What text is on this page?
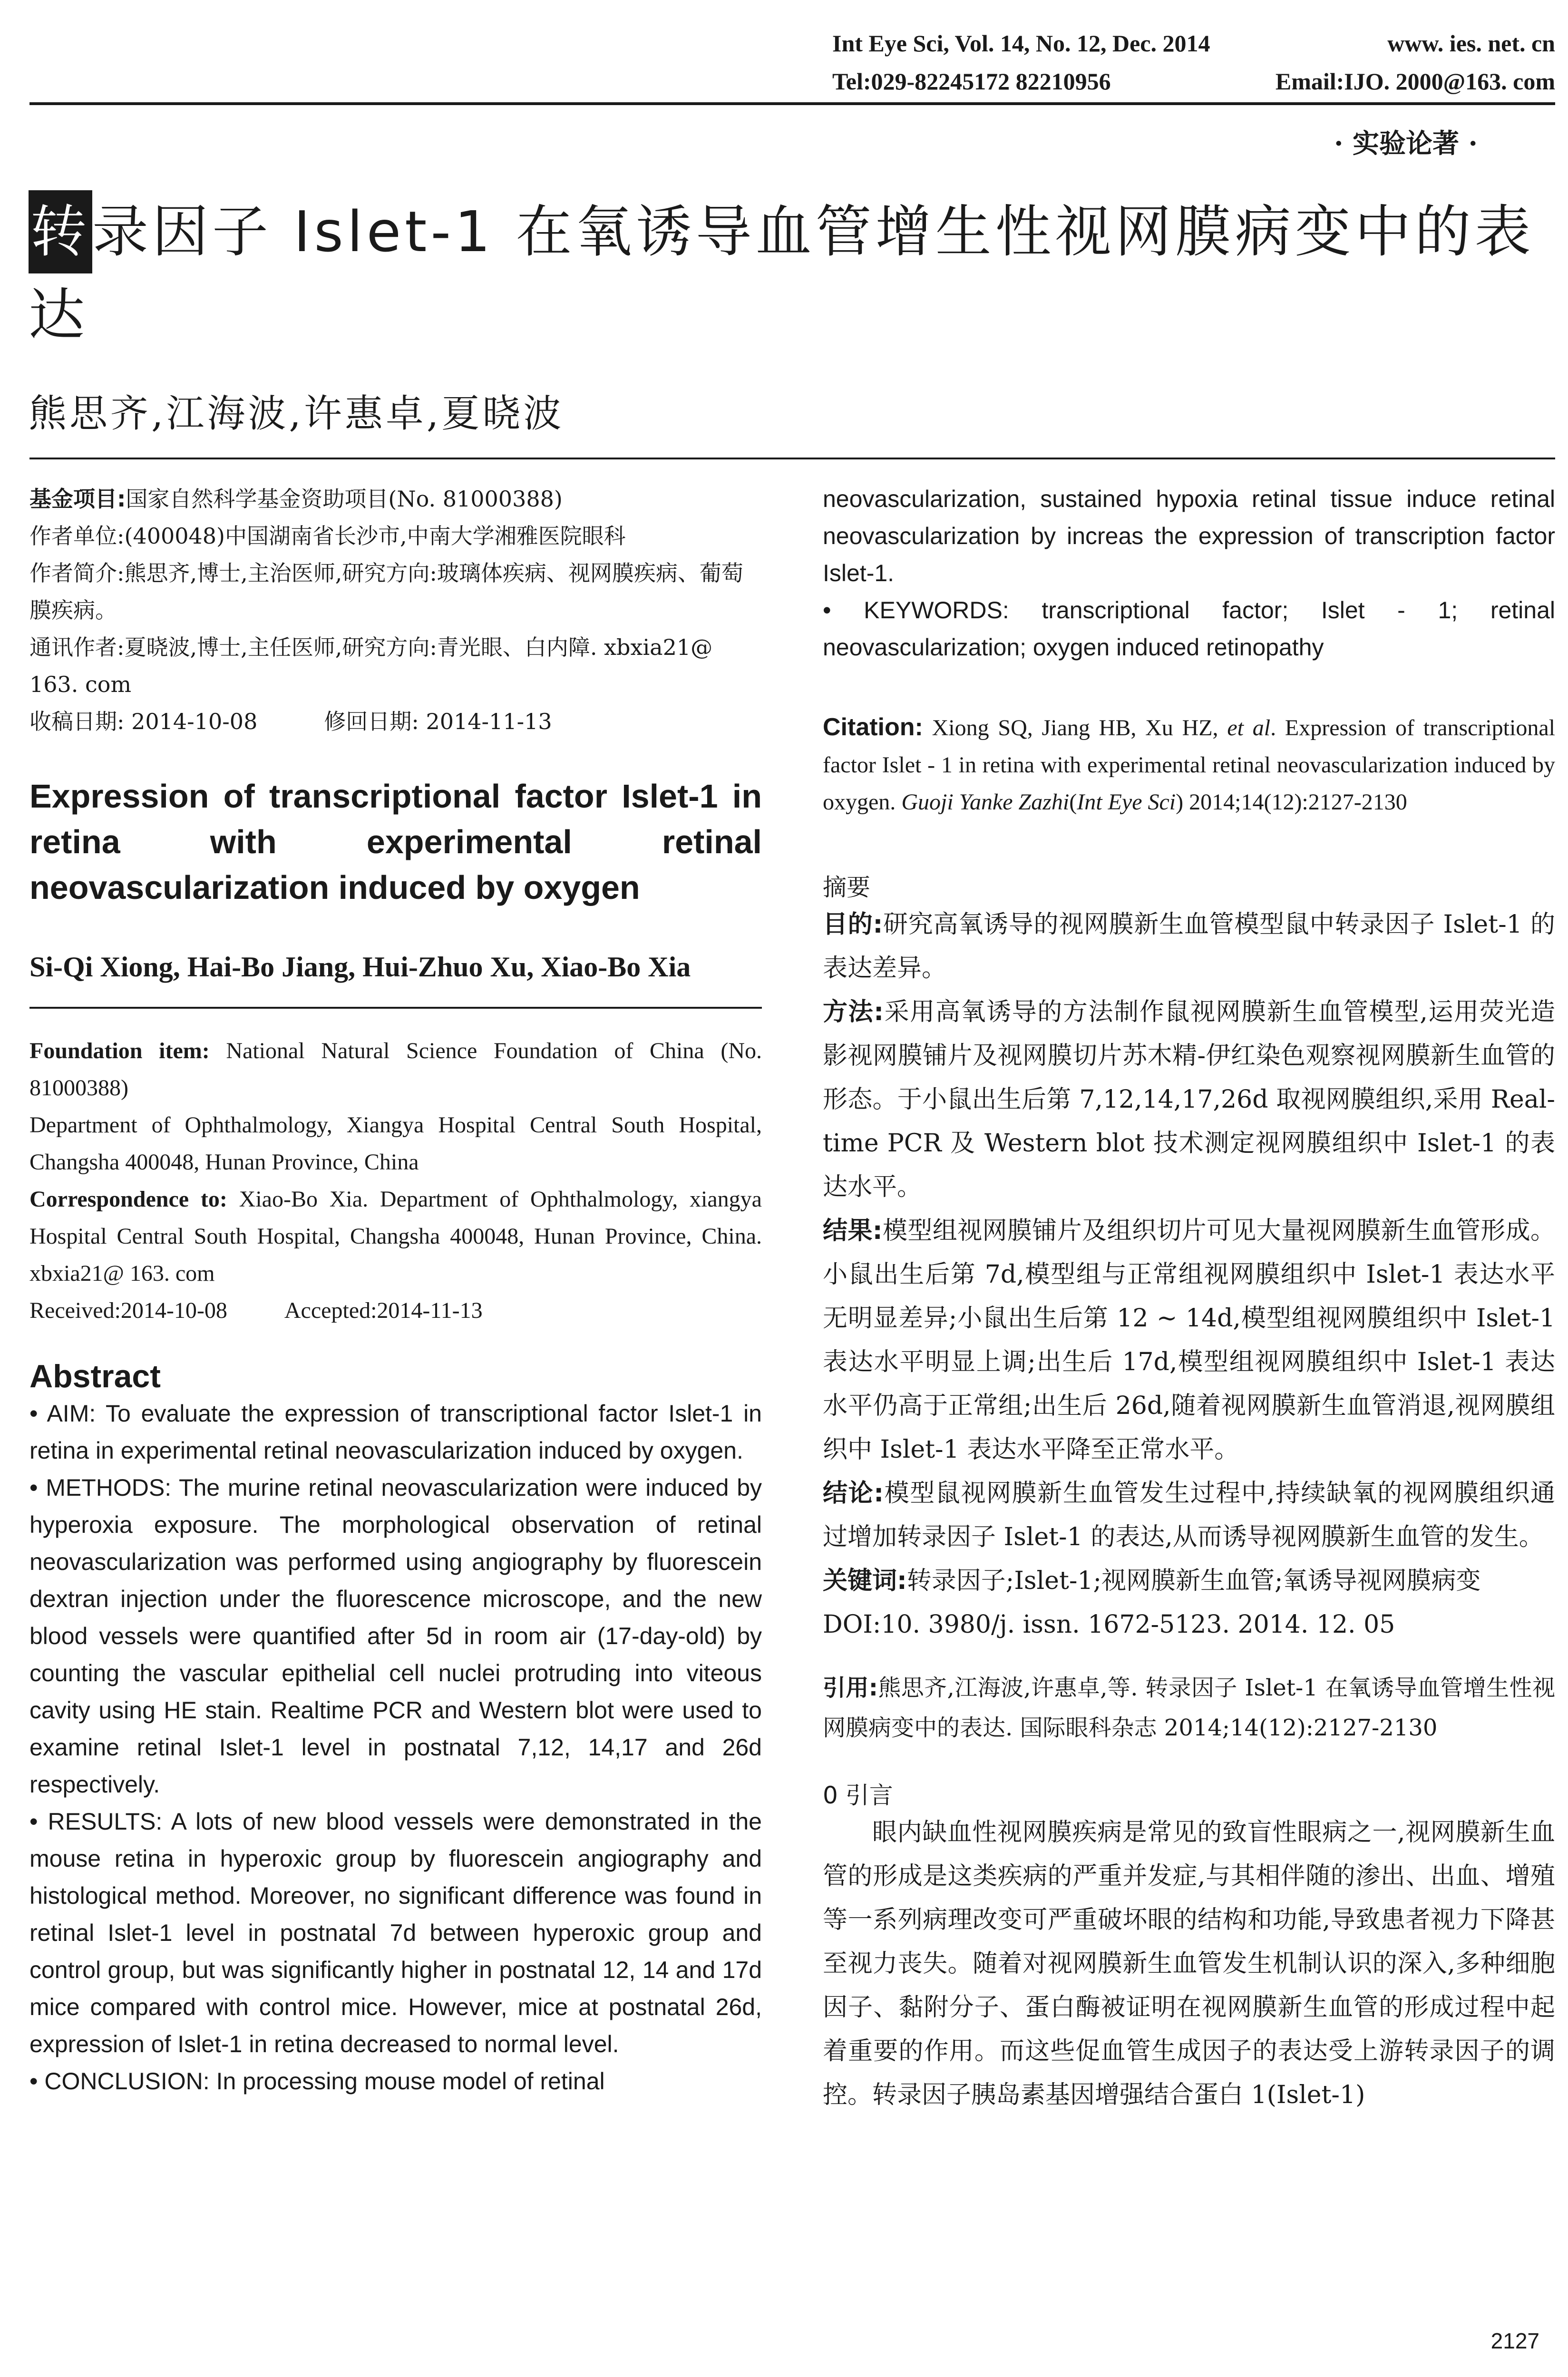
Int Eye Sci, Vol. 14, No. 12, Dec. 2014	www. ies. net. cn
Tel:029-82245172 82210956	Email:IJO. 2000@163. com
· 实验论著 ·
转录因子 Islet-1 在氧诱导血管增生性视网膜病变中的表达
熊思齐,江海波,许惠卓,夏晓波

基金项目:国家自然科学基金资助项目(No. 81000388)

作者单位:(400048)中国湖南省长沙市,中南大学湘雅医院眼科

作者简介:熊思齐,博士,主治医师,研究方向:玻璃体疾病、视网膜疾病、葡萄膜疾病。

通讯作者:夏晓波,博士,主任医师,研究方向:青光眼、白内障. xbxia21@ 163. com

收稿日期: 2014-10-08	修回日期: 2014-11-13

Expression of transcriptional factor Islet-1 in retina with experimental retinal neovascularization induced by oxygen

Si-Qi Xiong, Hai-Bo Jiang, Hui-Zhuo Xu, Xiao-Bo Xia

Foundation item: National Natural Science Foundation of China (No. 81000388)

Department of Ophthalmology, Xiangya Hospital Central South Hospital, Changsha 400048, Hunan Province, China

Correspondence to: Xiao-Bo Xia. Department of Ophthalmology, xiangya Hospital Central South Hospital, Changsha 400048, Hunan Province, China. xbxia21@ 163. com

Received:2014-10-08	Accepted:2014-11-13

Abstract

• AIM: To evaluate the expression of transcriptional factor Islet-1 in retina in experimental retinal neovascularization induced by oxygen.

• METHODS: The murine retinal neovascularization were induced by hyperoxia exposure. The morphological observation of retinal neovascularization was performed using angiography by fluorescein dextran injection under the fluorescence microscope, and the new blood vessels were quantified after 5d in room air (17-day-old) by counting the vascular epithelial cell nuclei protruding into viteous cavity using HE stain. Realtime PCR and Western blot were used to examine retinal Islet-1 level in postnatal 7,12, 14,17 and 26d respectively.

• RESULTS: A lots of new blood vessels were demonstrated in the mouse retina in hyperoxic group by fluorescein angiography and histological method. Moreover, no significant difference was found in retinal Islet-1 level in postnatal 7d between hyperoxic group and control group, but was significantly higher in postnatal 12, 14 and 17d mice compared with control mice. However, mice at postnatal 26d, expression of Islet-1 in retina decreased to normal level.

• CONCLUSION: In processing mouse model of retinal

neovascularization, sustained hypoxia retinal tissue induce retinal neovascularization by increas the expression of transcription factor Islet-1.

• KEYWORDS: transcriptional factor; Islet - 1; retinal neovascularization; oxygen induced retinopathy

Citation: Xiong SQ, Jiang HB, Xu HZ, et al. Expression of transcriptional factor Islet - 1 in retina with experimental retinal neovascularization induced by oxygen. Guoji Yanke Zazhi(Int Eye Sci) 2014;14(12):2127-2130

摘要

目的:研究高氧诱导的视网膜新生血管模型鼠中转录因子 Islet-1 的表达差异。

方法:采用高氧诱导的方法制作鼠视网膜新生血管模型,运用荧光造影视网膜铺片及视网膜切片苏木精-伊红染色观察视网膜新生血管的形态。于小鼠出生后第 7,12,14,17,26d 取视网膜组织,采用 Real-time PCR 及 Western blot 技术测定视网膜组织中 Islet-1 的表达水平。

结果:模型组视网膜铺片及组织切片可见大量视网膜新生血管形成。小鼠出生后第 7d,模型组与正常组视网膜组织中 Islet-1 表达水平无明显差异;小鼠出生后第 12 ~ 14d,模型组视网膜组织中 Islet-1 表达水平明显上调;出生后 17d,模型组视网膜组织中 Islet-1 表达水平仍高于正常组;出生后 26d,随着视网膜新生血管消退,视网膜组织中 Islet-1 表达水平降至正常水平。

结论:模型鼠视网膜新生血管发生过程中,持续缺氧的视网膜组织通过增加转录因子 Islet-1 的表达,从而诱导视网膜新生血管的发生。

关键词:转录因子;Islet-1;视网膜新生血管;氧诱导视网膜病变

DOI:10. 3980/j. issn. 1672-5123. 2014. 12. 05

引用:熊思齐,江海波,许惠卓,等. 转录因子 Islet-1 在氧诱导血管增生性视网膜病变中的表达. 国际眼科杂志 2014;14(12):2127-2130

0 引言

眼内缺血性视网膜疾病是常见的致盲性眼病之一,视网膜新生血管的形成是这类疾病的严重并发症,与其相伴随的渗出、出血、增殖等一系列病理改变可严重破坏眼的结构和功能,导致患者视力下降甚至视力丧失。随着对视网膜新生血管发生机制认识的深入,多种细胞因子、黏附分子、蛋白酶被证明在视网膜新生血管的形成过程中起着重要的作用。而这些促血管生成因子的表达受上游转录因子的调控。转录因子胰岛素基因增强结合蛋白 1(Islet-1)

2127
